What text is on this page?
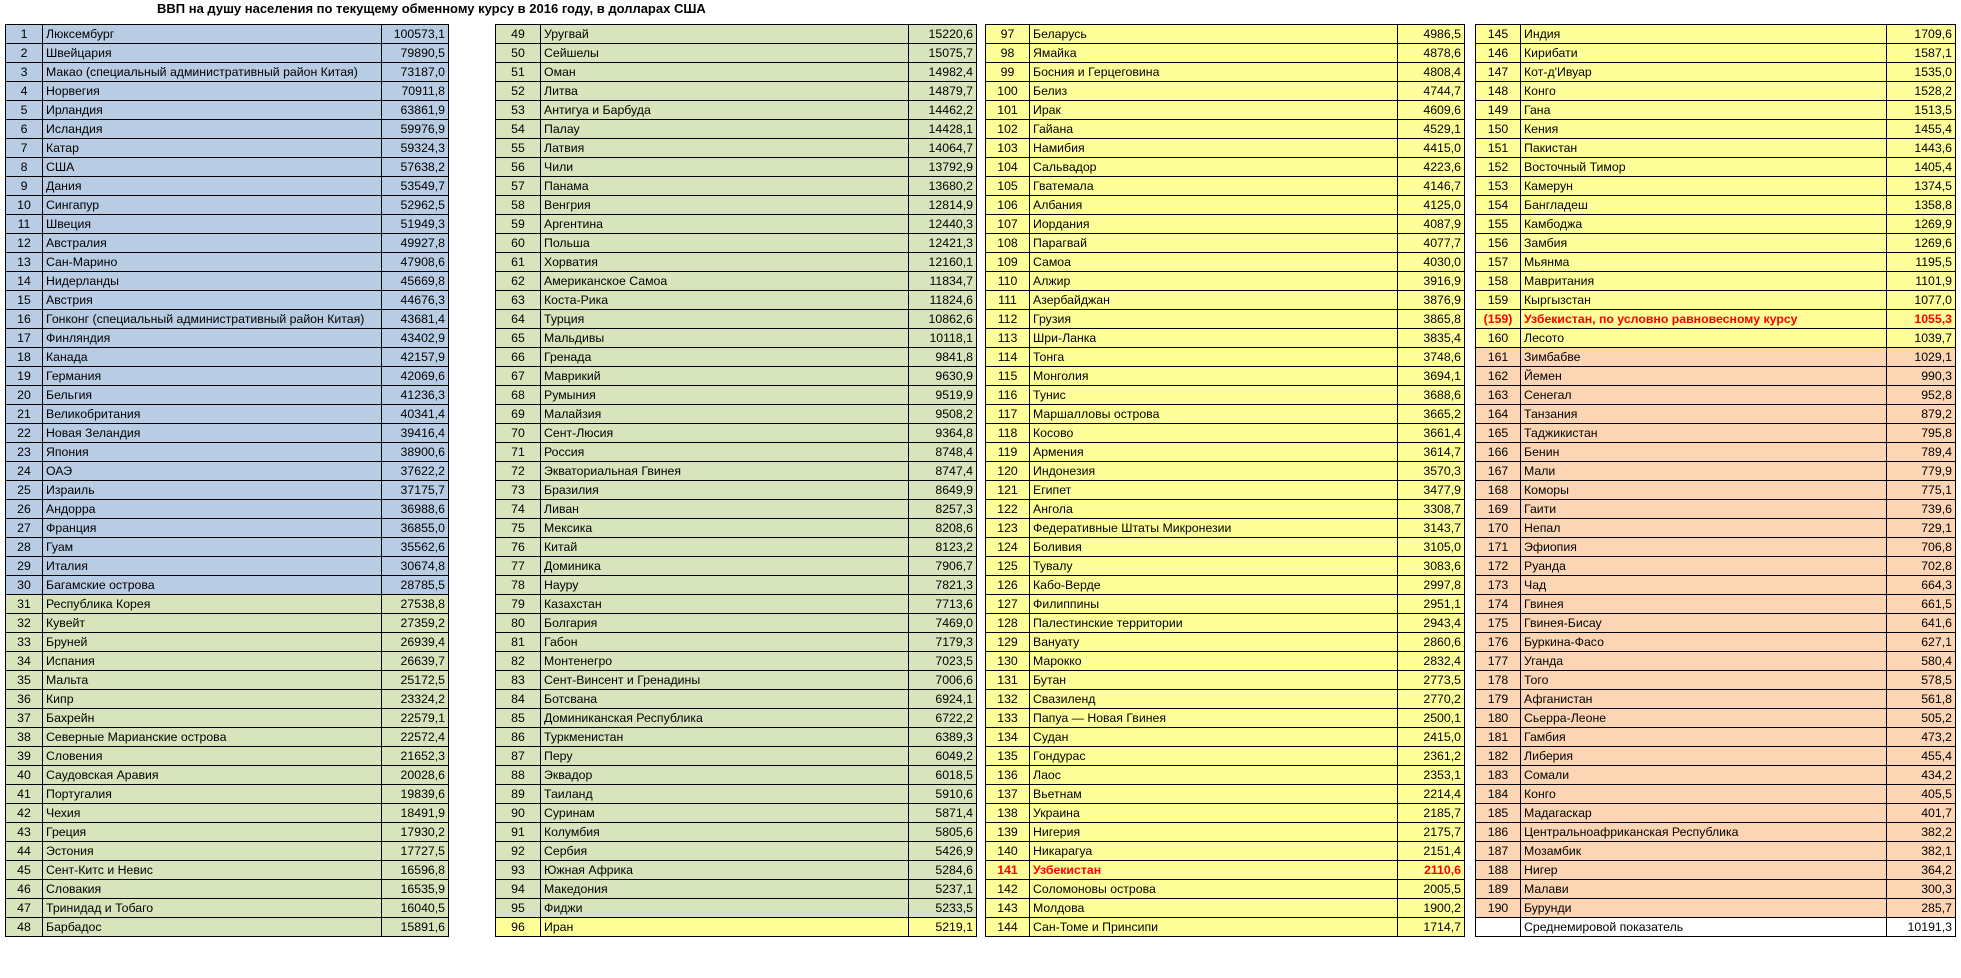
ВВП на душу населения по текущему обменному курсу в 2016 году, в долларах США
1	Люксембург	100573,1
2	Швейцария	79890,5
3	Макао (специальный административный район Китая)	73187,0
4	Норвегия	70911,8
5	Ирландия	63861,9
6	Исландия	59976,9
7	Катар	59324,3
8	США	57638,2
9	Дания	53549,7
10	Сингапур	52962,5
11	Швеция	51949,3
12	Австралия	49927,8
13	Сан-Марино	47908,6
14	Нидерланды	45669,8
15	Австрия	44676,3
16	Гонконг (специальный административный район Китая)	43681,4
17	Финляндия	43402,9
18	Канада	42157,9
19	Германия	42069,6
20	Бельгия	41236,3
21	Великобритания	40341,4
22	Новая Зеландия	39416,4
23	Япония	38900,6
24	ОАЭ	37622,2
25	Израиль	37175,7
26	Андорра	36988,6
27	Франция	36855,0
28	Гуам	35562,6
29	Италия	30674,8
30	Багамские острова	28785,5
31	Республика Корея	27538,8
32	Кувейт	27359,2
33	Бруней	26939,4
34	Испания	26639,7
35	Мальта	25172,5
36	Кипр	23324,2
37	Бахрейн	22579,1
38	Северные Марианские острова	22572,4
39	Словения	21652,3
40	Саудовская Аравия	20028,6
41	Португалия	19839,6
42	Чехия	18491,9
43	Греция	17930,2
44	Эстония	17727,5
45	Сент-Китс и Невис	16596,8
46	Словакия	16535,9
47	Тринидад и Тобаго	16040,5
48	Барбадос	15891,6
49	Уругвай	15220,6
50	Сейшелы	15075,7
51	Оман	14982,4
52	Литва	14879,7
53	Антигуа и Барбуда	14462,2
54	Палау	14428,1
55	Латвия	14064,7
56	Чили	13792,9
57	Панама	13680,2
58	Венгрия	12814,9
59	Аргентина	12440,3
60	Польша	12421,3
61	Хорватия	12160,1
62	Американское Самоа	11834,7
63	Коста-Рика	11824,6
64	Турция	10862,6
65	Мальдивы	10118,1
66	Гренада	9841,8
67	Маврикий	9630,9
68	Румыния	9519,9
69	Малайзия	9508,2
70	Сент-Люсия	9364,8
71	Россия	8748,4
72	Экваториальная Гвинея	8747,4
73	Бразилия	8649,9
74	Ливан	8257,3
75	Мексика	8208,6
76	Китай	8123,2
77	Доминика	7906,7
78	Науру	7821,3
79	Казахстан	7713,6
80	Болгария	7469,0
81	Габон	7179,3
82	Монтенегро	7023,5
83	Сент-Винсент и Гренадины	7006,6
84	Ботсвана	6924,1
85	Доминиканская Республика	6722,2
86	Туркменистан	6389,3
87	Перу	6049,2
88	Эквадор	6018,5
89	Таиланд	5910,6
90	Суринам	5871,4
91	Колумбия	5805,6
92	Сербия	5426,9
93	Южная Африка	5284,6
94	Македония	5237,1
95	Фиджи	5233,5
96	Иран	5219,1
97	Беларусь	4986,5
98	Ямайка	4878,6
99	Босния и Герцеговина	4808,4
100	Белиз	4744,7
101	Ирак	4609,6
102	Гайана	4529,1
103	Намибия	4415,0
104	Сальвадор	4223,6
105	Гватемала	4146,7
106	Албания	4125,0
107	Иордания	4087,9
108	Парагвай	4077,7
109	Самоа	4030,0
110	Алжир	3916,9
111	Азербайджан	3876,9
112	Грузия	3865,8
113	Шри-Ланка	3835,4
114	Тонга	3748,6
115	Монголия	3694,1
116	Тунис	3688,6
117	Маршалловы острова	3665,2
118	Косово	3661,4
119	Армения	3614,7
120	Индонезия	3570,3
121	Египет	3477,9
122	Ангола	3308,7
123	Федеративные Штаты Микронезии	3143,7
124	Боливия	3105,0
125	Тувалу	3083,6
126	Кабо-Верде	2997,8
127	Филиппины	2951,1
128	Палестинские территории	2943,4
129	Вануату	2860,6
130	Марокко	2832,4
131	Бутан	2773,5
132	Свазиленд	2770,2
133	Папуа — Новая Гвинея	2500,1
134	Судан	2415,0
135	Гондурас	2361,2
136	Лаос	2353,1
137	Вьетнам	2214,4
138	Украина	2185,7
139	Нигерия	2175,7
140	Никарагуа	2151,4
141	Узбекистан	2110,6
142	Соломоновы острова	2005,5
143	Молдова	1900,2
144	Сан-Томе и Принсипи	1714,7
145	Индия	1709,6
146	Кирибати	1587,1
147	Кот-д'Ивуар	1535,0
148	Конго	1528,2
149	Гана	1513,5
150	Кения	1455,4
151	Пакистан	1443,6
152	Восточный Тимор	1405,4
153	Камерун	1374,5
154	Бангладеш	1358,8
155	Камбоджа	1269,9
156	Замбия	1269,6
157	Мьянма	1195,5
158	Мавритания	1101,9
159	Кыргызстан	1077,0
(159)	Узбекистан, по условно равновесному курсу	1055,3
160	Лесото	1039,7
161	Зимбабве	1029,1
162	Йемен	990,3
163	Сенегал	952,8
164	Танзания	879,2
165	Таджикистан	795,8
166	Бенин	789,4
167	Мали	779,9
168	Коморы	775,1
169	Гаити	739,6
170	Непал	729,1
171	Эфиопия	706,8
172	Руанда	702,8
173	Чад	664,3
174	Гвинея	661,5
175	Гвинея-Бисау	641,6
176	Буркина-Фасо	627,1
177	Уганда	580,4
178	Того	578,5
179	Афганистан	561,8
180	Сьерра-Леоне	505,2
181	Гамбия	473,2
182	Либерия	455,4
183	Сомали	434,2
184	Конго	405,5
185	Мадагаскар	401,7
186	Центральноафриканская Республика	382,2
187	Мозамбик	382,1
188	Нигер	364,2
189	Малави	300,3
190	Бурунди	285,7
	Среднемировой показатель	10191,3
